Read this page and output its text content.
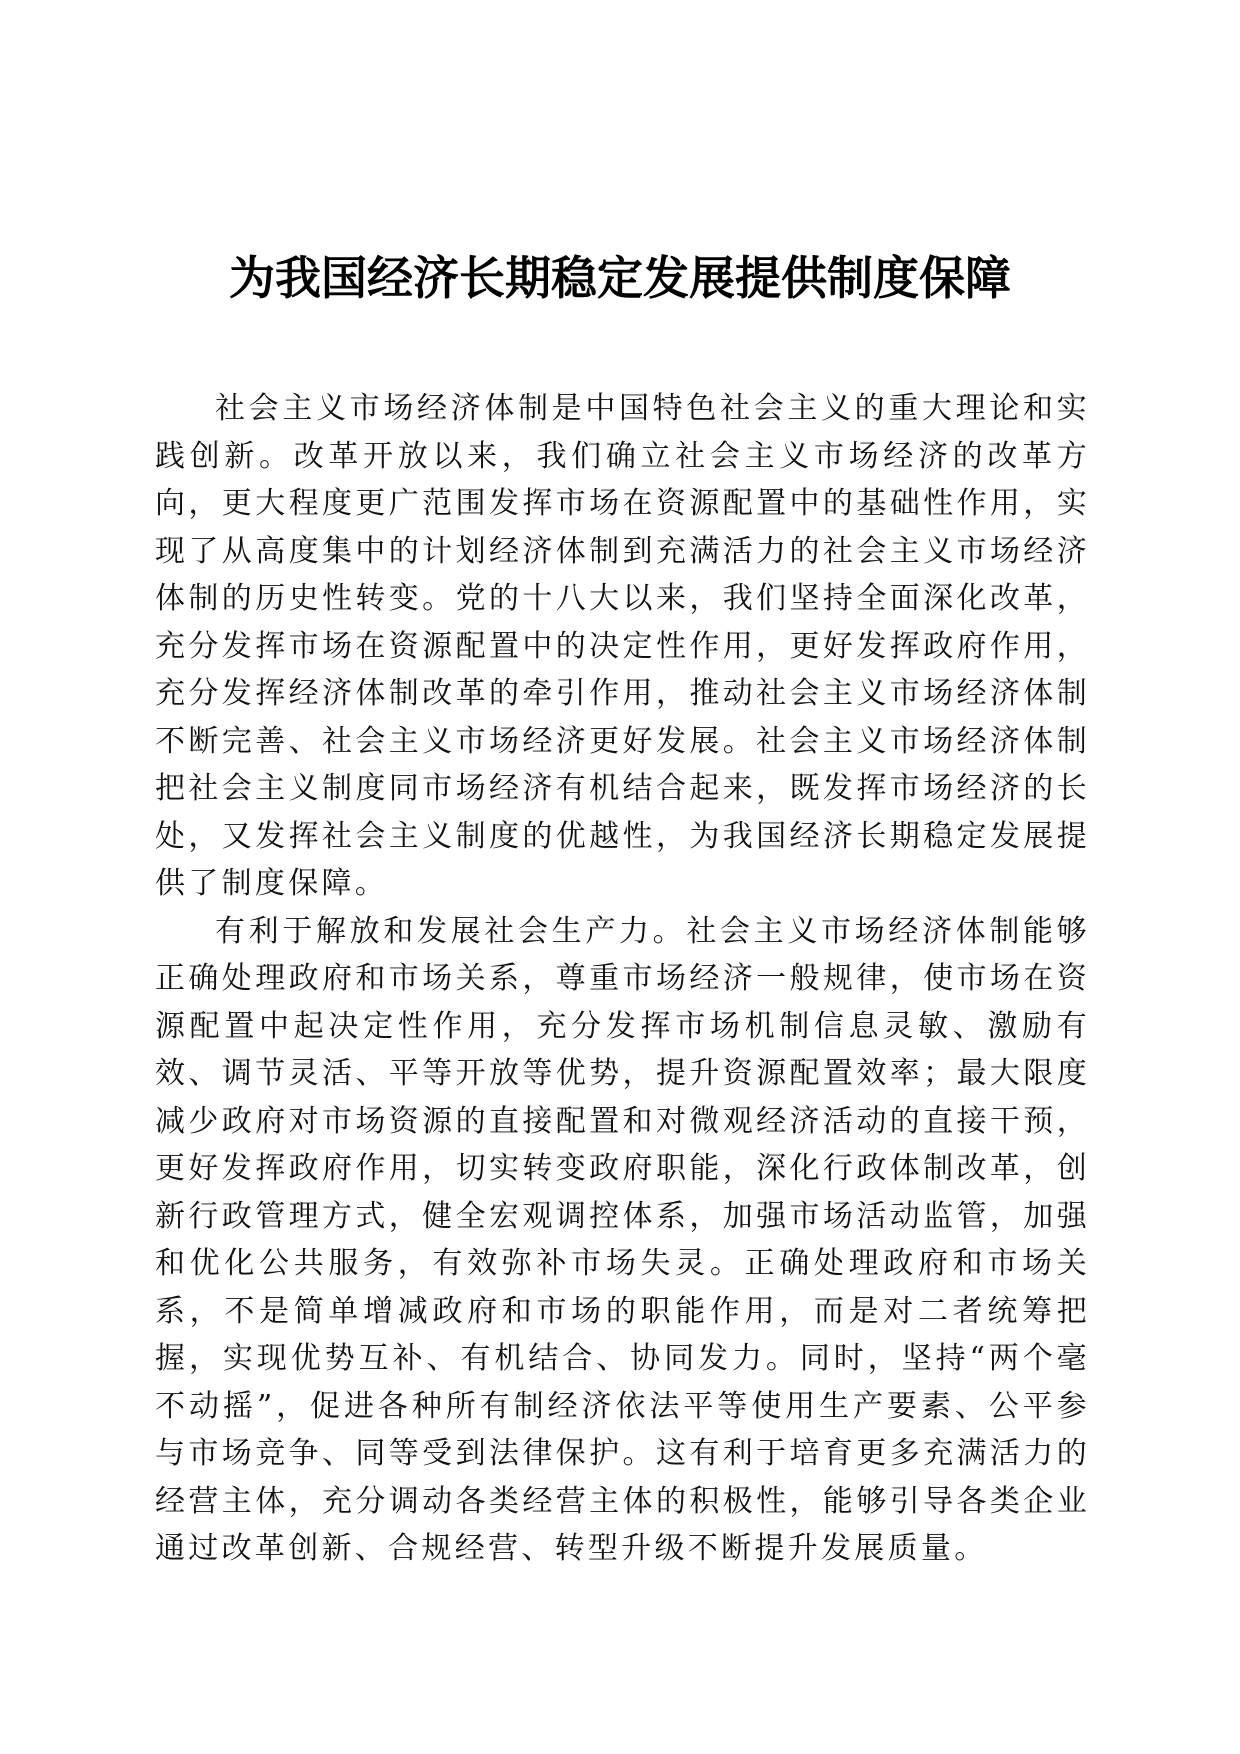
为我国经济长期稳定发展提供制度保障

社会主义市场经济体制是中国特色社会主义的重大理论和实践创新。改革开放以来，我们确立社会主义市场经济的改革方向，更大程度更广范围发挥市场在资源配置中的基础性作用，实现了从高度集中的计划经济体制到充满活力的社会主义市场经济体制的历史性转变。党的十八大以来，我们坚持全面深化改革，充分发挥市场在资源配置中的决定性作用，更好发挥政府作用，充分发挥经济体制改革的牵引作用，推动社会主义市场经济体制不断完善、社会主义市场经济更好发展。社会主义市场经济体制把社会主义制度同市场经济有机结合起来，既发挥市场经济的长处，又发挥社会主义制度的优越性，为我国经济长期稳定发展提供了制度保障。

有利于解放和发展社会生产力。社会主义市场经济体制能够正确处理政府和市场关系，尊重市场经济一般规律，使市场在资源配置中起决定性作用，充分发挥市场机制信息灵敏、激励有效、调节灵活、平等开放等优势，提升资源配置效率；最大限度减少政府对市场资源的直接配置和对微观经济活动的直接干预，更好发挥政府作用，切实转变政府职能，深化行政体制改革，创新行政管理方式，健全宏观调控体系，加强市场活动监管，加强和优化公共服务，有效弥补市场失灵。正确处理政府和市场关系，不是简单增减政府和市场的职能作用，而是对二者统筹把握，实现优势互补、有机结合、协同发力。同时，坚持“两个毫不动摇”，促进各种所有制经济依法平等使用生产要素、公平参与市场竞争、同等受到法律保护。这有利于培育更多充满活力的经营主体，充分调动各类经营主体的积极性，能够引导各类企业通过改革创新、合规经营、转型升级不断提升发展质量。
